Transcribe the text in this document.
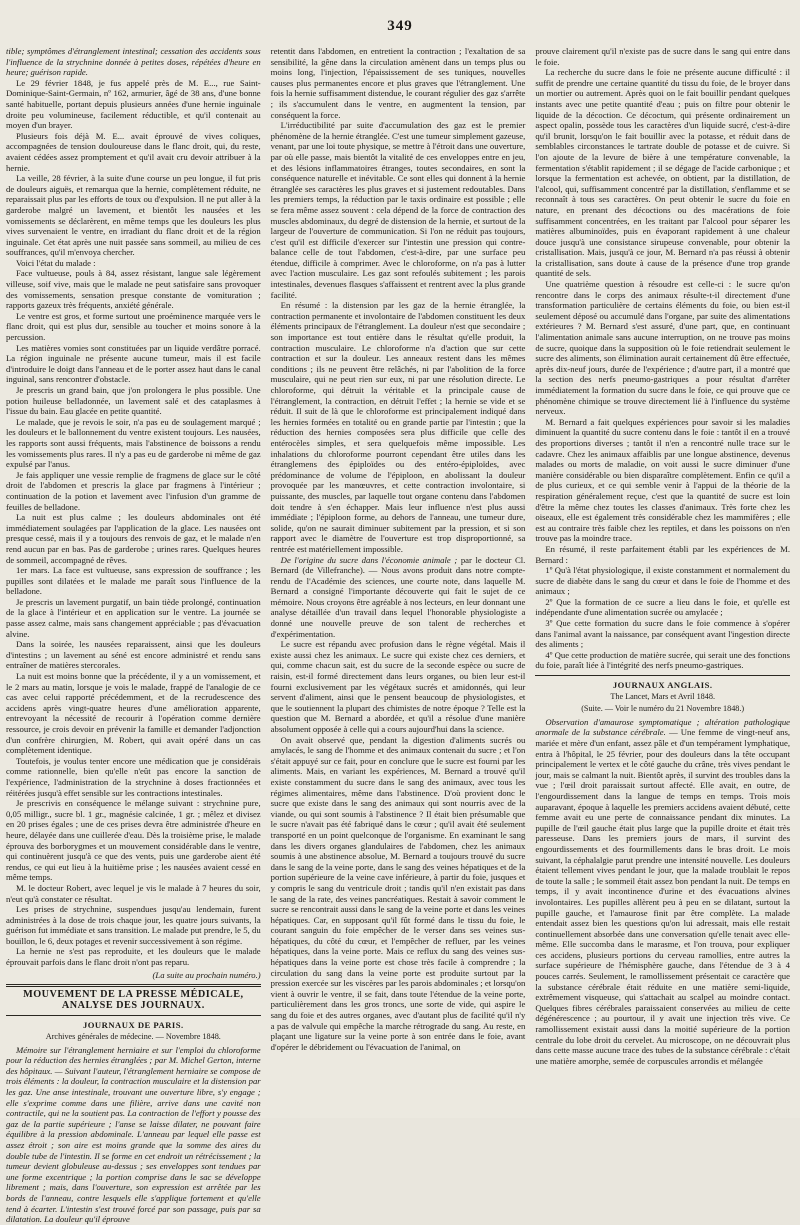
349

tible; symptômes d'étranglement intestinal; cessation des accidents sous l'influence de la strychnine donnée à petites doses, répétées d'heure en heure; guérison rapide.

Le 29 février 1848, je fus appelé près de M. E..., rue Saint-Dominique-Saint-Germain, nº 162, armurier, âgé de 38 ans, d'une bonne santé habituelle, portant depuis plusieurs années d'une hernie inguinale droite peu volumineuse, facilement réductible, et qu'il contenait au moyen d'un brayer.

Plusieurs fois déjà M. E... avait éprouvé de vives coliques, accompagnées de tension douloureuse dans le flanc droit, qui, du reste, avaient cédées assez promptement et qu'il avait cru devoir attribuer à la hernie.

La veille, 28 février, à la suite d'une course un peu longue, il fut pris de douleurs aiguës, et remarqua que la hernie, complètement réduite, ne reparaissait plus par les efforts de toux ou d'expulsion. Il ne put aller à la garderobe malgré un lavement, et bientôt les nausées et les vomissements se déclarèrent, en même temps que les douleurs les plus vives survenaient le ventre, en irradiant du flanc droit et de la région inguinale. Cet état après une nuit passée sans sommeil, au milieu de ces souffrances, qu'il m'envoya chercher.

Voici l'état du malade :

Face vultueuse, pouls à 84, assez résistant, langue sale légèrement villeuse, soif vive, mais que le malade ne peut satisfaire sans provoquer des vomissements, sensation presque constante de vomituration ; rapports gazeux très fréquents, anxiété générale.

Le ventre est gros, et forme surtout une proéminence marquée vers le flanc droit, qui est plus dur, sensible au toucher et moins sonore à la percussion.

Les matières vomies sont constituées par un liquide verdâtre porracé. La région inguinale ne présente aucune tumeur, mais il est facile d'introduire le doigt dans l'anneau et de le porter assez haut dans le canal inguinal, sans rencontrer d'obstacle.

Je prescris un grand bain, que j'on prolongera le plus possible. Une potion huileuse belladonnée, un lavement salé et des cataplasmes à l'issue du bain. Eau glacée en petite quantité.

Le malade, que je revois le soir, n'a pas eu de soulagement marqué ; les douleurs et le ballonnement du ventre existent toujours. Les nausées, les rapports sont aussi fréquents, mais l'abstinence de boissons a rendu les vomissements plus rares. Il n'y a pas eu de garderobe ni même de gaz expulsé par l'anus.

Je fais appliquer une vessie remplie de fragmens de glace sur le côté droit de l'abdomen et prescris la glace par fragmens à l'intérieur ; continuation de la potion et lavement avec l'infusion d'un gramme de feuilles de belladone.

La nuit est plus calme ; les douleurs abdominales ont été immédiatement soulagées par l'application de la glace. Les nausées ont presque cessé, mais il y a toujours des renvois de gaz, et le malade n'en rend aucun par en bas. Pas de garderobe ; urines rares. Quelques heures de sommeil, accompagné de rêves.

1er mars. La face est vultueuse, sans expression de souffrance ; les pupilles sont dilatées et le malade me paraît sous l'influence de la belladone.

Je prescris un lavement purgatif, un bain tiède prolongé, continuation de la glace à l'intérieur et en application sur le ventre. La journée se passe assez calme, mais sans changement appréciable ; pas d'évacuation alvine.

Dans la soirée, les nausées reparaissent, ainsi que les douleurs d'intestins ; un lavement au séné est encore administré et rendu sans entraîner de matières stercorales.

La nuit est moins bonne que la précédente, il y a un vomissement, et le 2 mars au matin, lorsque je vois le malade, frappé de l'analogie de ce cas avec celui rapporté précédemment, et de la recrudescence des accidens après vingt-quatre heures d'une amélioration apparente, entrevoyant la nécessité de recourir à l'opération comme dernière ressource, je crois devoir en prévenir la famille et demander l'adjonction d'un confrère chirurgien, M. Robert, qui avait opéré dans un cas complètement identique.

Toutefois, je voulus tenter encore une médication que je considérais comme rationnelle, bien qu'elle n'eût pas encore la sanction de l'expérience, l'administration de la strychnine à doses fractionnées et réitérées jusqu'à effet sensible sur les contractions intestinales.

Je prescrivis en conséquence le mélange suivant : strychnine pure, 0,05 milligr., sucre bl. 1 gr., magnésie calcinée, 1 gr. ; mêlez et divisez en 20 prises égales ; une de ces prises devra être administrée d'heure en heure, délayée dans une cuillerée d'eau. Dès la troisième prise, le malade éprouva des borborygmes et un mouvement considérable dans le ventre, qui continuèrent jusqu'à ce que des vents, puis une garderobe aient été rendus, ce qui eut lieu à la huitième prise ; les nausées avaient cessé en même temps.

M. le docteur Robert, avec lequel je vis le malade à 7 heures du soir, n'eut qu'à constater ce résultat.

Les prises de strychnine, suspendues jusqu'au lendemain, furent administrées à la dose de trois chaque jour, les quatre jours suivants, la guérison fut immédiate et sans transition. Le malade put prendre, le 5, du bouillon, le 6, deux potages et revenir successivement à son régime.

La hernie ne s'est pas reproduite, et les douleurs que le malade éprouvait parfois dans le flanc droit n'ont pas reparu.

(La suite au prochain numéro.)
MOUVEMENT DE LA PRESSE MÉDICALE, ANALYSE DES JOURNAUX.
JOURNAUX DE PARIS.
Archives générales de médecine. — Novembre 1848.

Mémoire sur l'étranglement herniaire et sur l'emploi du chloroforme pour la réduction des hernies étranglées ; par M. Michel Gerton, interne des hôpitaux. — Suivant l'auteur, l'étranglement herniaire se compose de trois éléments : la douleur, la contraction musculaire et la distension par les gaz. Une anse intestinale, trouvant une ouverture libre, s'y engage ; elle s'exprime comme dans une filière, arrive dans une cavité non contractile, qui ne la soutient pas. La contraction de l'effort y pousse des gaz de la partie supérieure ; l'anse se laisse dilater, ne pouvant faire équilibre à la pression abdominale. L'anneau par lequel elle passe est assez étroit ; son aire est moins grande que la somme des aires du double tube de l'intestin. Il se forme en cet endroit un rétrécissement ; la tumeur devient globuleuse au-dessus ; ses enveloppes sont tendues par une forme excentrique ; la portion comprise dans le sac se développe librement ; mais, dans l'ouverture, son expression est arrêtée par les bords de l'anneau, contre lesquels elle s'applique fortement et qu'elle tend à écarter. L'intestin s'est trouvé forcé par son passage, puis par sa dilatation. La douleur qu'il éprouve

retentit dans l'abdomen, en entretient la contraction ; l'exaltation de sa sensibilité, la gêne dans la circulation amènent dans un temps plus ou moins long, l'injection, l'épaississement de ses tuniques, nouvelles causes plus permanentes encore et plus graves que l'étranglement. Une fois la hernie suffisamment distendue, le courant régulier des gaz s'arrête ; ils s'accumulent dans le ventre, en augmentent la tension, par conséquent la force.

L'irréductibilité par suite d'accumulation des gaz est le premier phénomène de la hernie étranglée. C'est une tumeur simplement gazeuse, venant, par une loi toute physique, se mettre à l'étroit dans une ouverture, par où elle passe, mais bientôt la vitalité de ces enveloppes entre en jeu, et des lésions inflammatoires étranges, toutes secondaires, en sont la conséquence naturelle et inévitable. Ce sont elles qui donnent à la hernie étranglée ses caractères les plus graves et si justement redoutables. Dans les premiers temps, la réduction par le taxis ordinaire est possible ; elle se fera même assez souvent : cela dépend de la force de contraction des muscles abdominaux, du degré de distension de la hernie, et surtout de la largeur de l'ouverture de communication. Si l'on ne réduit pas toujours, c'est qu'il est difficile d'exercer sur l'intestin une pression qui contre-balance celle de tout l'abdomen, c'est-à-dire, par une surface peu étendue, difficile à comprimer. Avec le chloroforme, on n'a pas à lutter avec l'action musculaire. Les gaz sont refoulés subitement ; les parois intestinales, devenues flasques s'affaissent et rentrent avec la plus grande facilité.

En résumé : la distension par les gaz de la hernie étranglée, la contraction permanente et involontaire de l'abdomen constituent les deux éléments principaux de l'étranglement. La douleur n'est que secondaire ; son importance est tout entière dans le résultat qu'elle produit, la contraction musculaire. Le chloroforme n'a d'action que sur cette contraction et sur la douleur. Les anneaux restent dans les mêmes conditions ; ils ne peuvent être relâchés, ni par l'abolition de la force musculaire, qui ne peut rien sur eux, ni par une résolution directe. Le chloroforme, qui détruit la véritable et la principale cause de l'étranglement, la contraction, en détruit l'effet ; la hernie se vide et se réduit. Il suit de là que le chloroforme est principalement indiqué dans les hernies formées en totalité ou en grande partie par l'intestin ; que la réduction des hernies composées sera plus difficile que celle des entérocèles simples, et sera quelquefois même impossible. Les inhalations du chloroforme pourront cependant être utiles dans les étranglemens des épiploïdes ou des entéro-épiploïdes, avec prédominance de volume de l'épiploon, en abolissant la douleur provoquée par les manœuvres, et cette contraction involontaire, si puissante, des muscles, par laquelle tout organe contenu dans l'abdomen doit tendre à s'en échapper. Mais leur influence n'est plus aussi immédiate ; l'épiploon forme, au dehors de l'anneau, une tumeur dure, solide, qu'on ne saurait diminuer subitement par la pression, et si son rapport avec le diamètre de l'ouverture est trop disproportionné, sa rentrée est matériellement impossible.

De l'origine du sucre dans l'économie animale ; par le docteur Cl. Bernard (de Villefranche). — Nous avons produit dans notre compte-rendu de l'Académie des sciences, une courte note, dans laquelle M. Bernard a consigné l'importante découverte qui fait le sujet de ce mémoire. Nous croyons être agréable à nos lecteurs, en leur donnant une analyse détaillée d'un travail dans lequel l'honorable physiologiste a donné une nouvelle preuve de son talent de recherches et d'expérimentation.

Le sucre est répandu avec profusion dans le règne végétal. Mais il existe aussi chez les animaux. Le sucre qui existe chez ces derniers, et qui, comme chacun sait, est du sucre de la seconde espèce ou sucre de raisin, est-il formé directement dans leurs organes, ou bien leur est-il fourni exclusivement par les végétaux sucrés et amidonnés, qui leur servent d'aliment, ainsi que le pensent beaucoup de physiologistes, et que le soutiennent la plupart des chimistes de notre époque ? Telle est la question que M. Bernard a abordée, et qu'il a résolue d'une manière absolument opposée à celle qui a cours aujourd'hui dans la science.

On avait observé que, pendant la digestion d'aliments sucrés ou amylacés, le sang de l'homme et des animaux contenait du sucre ; et l'on s'était appuyé sur ce fait, pour en conclure que le sucre est fourni par les aliments. Mais, en variant les expériences, M. Bernard a trouvé qu'il existe constamment du sucre dans le sang des animaux, avec tous les régimes alimentaires, même dans l'abstinence. D'où provient donc le sucre que existe dans le sang des animaux qui sont nourris avec de la viande, ou qui sont soumis à l'abstinence ? Il était bien présumable que le sucre n'avait pas été fabriqué dans le cœur ; qu'il avait été seulement transporté en un point quelconque de l'organisme. En examinant le sang dans les divers organes glandulaires de l'abdomen, chez les animaux soumis à une abstinence absolue, M. Bernard a toujours trouvé du sucre dans le sang de la veine porte, dans le sang des veines hépatiques et de la portion supérieure de la veine cave inférieure, à partir du foie, jusques et y compris le sang du ventricule droit ; tandis qu'il n'en existait pas dans le sang de la rate, des veines pancréatiques. Restait à savoir comment le sucre se rencontrait aussi dans le sang de la veine porte et dans les veines hépatiques. Car, en supposant qu'il fût formé dans le tissu du foie, le courant sanguin du foie empêcher de le verser dans ses veines sus-hépatiques, du côté du cœur, et l'empêcher de refluer, par les veines hépatiques, dans la veine porte. Mais ce reflux du sang des veines sus-hépatiques dans la veine porte est chose très facile à comprendre ; la circulation du sang dans la veine porte est produite surtout par la pression exercée sur les viscères par les parois abdominales ; et lorsqu'on vient à ouvrir le ventre, il se fait, dans toute l'étendue de la veine porte, particulièrement dans les gros troncs, une sorte de vide, qui aspire le sang du foie et des autres organes, avec d'autant plus de facilité qu'il n'y a pas de valvule qui empêche la marche rétrograde du sang. Au reste, en plaçant une ligature sur la veine porte à son entrée dans le foie, avant d'opérer le débridement ou l'évacuation de l'animal, on

prouve clairement qu'il n'existe pas de sucre dans le sang qui entre dans le foie.

La recherche du sucre dans le foie ne présente aucune difficulté : il suffit de prendre une certaine quantité du tissu du foie, de le broyer dans un mortier ou autrement. Après quoi on le fait bouillir pendant quelques instants avec une petite quantité d'eau ; puis on filtre pour obtenir le liquide de la décoction. Ce décoctum, qui présente ordinairement un aspect opalin, possède tous les caractères d'un liquide sucré, c'est-à-dire qu'il brunit, lorsqu'on le fait bouillir avec la potasse, et réduit dans de semblables circonstances le tartrate double de potasse et de cuivre. Si l'on ajoute de la levure de bière à une température convenable, la fermentation s'établit rapidement ; il se dégage de l'acide carbonique ; et lorsque la fermentation est achevée, on obtient, par la distillation, de l'alcool, qui, suffisamment concentré par la distillation, s'enflamme et se reconnaît à tous ses caractères. On peut obtenir le sucre du foie en nature, en prenant des décoctions ou des macérations de foie suffisamment concentrées, en les traitant par l'alcool pour séparer les matières albuminoïdes, puis en évaporant rapidement à une chaleur douce jusqu'à une consistance sirupeuse convenable, pour obtenir la cristallisation. Mais, jusqu'à ce jour, M. Bernard n'a pas réussi à obtenir la cristallisation, sans doute à cause de la présence d'une trop grande quantité de sels.

Une quatrième question à résoudre est celle-ci : le sucre qu'on rencontre dans le corps des animaux résulte-t-il directement d'une transformation particulière de certains éléments du foie, ou bien est-il seulement déposé ou accumulé dans l'organe, par suite des alimentations extérieures ? M. Bernard s'est assuré, d'une part, que, en continuant l'alimentation animale sans aucune interruption, on ne trouve pas moins de sucre, quoique dans la supposition où le foie retiendrait seulement le sucre des aliments, son élimination aurait certainement dû être effectuée, après dix-neuf jours, durée de l'expérience ; d'autre part, il a montré que la section des nerfs pneumo-gastriques a pour résultat d'arrêter immédiatement la formation du sucre dans le foie, ce qui prouve que ce phénomène chimique se trouve directement lié à l'influence du système nerveux.

M. Bernard a fait quelques expériences pour savoir si les maladies diminuent la quantité du sucre contenu dans le foie : tantôt il en a trouvé des proportions diverses ; tantôt il n'en a rencontré nulle trace sur le cadavre. Chez les animaux affaiblis par une longue abstinence, devenus malades ou morts de maladie, on voit aussi le sucre diminuer d'une manière considérable ou bien disparaître complètement. Enfin ce qu'il a de plus curieux, et ce qui semble venir à l'appui de la théorie de la respiration généralement reçue, c'est que la quantité de sucre est loin d'être la même chez toutes les classes d'animaux. Très forte chez les oiseaux, elle est également très considérable chez les mammifères ; elle est au contraire très faible chez les reptiles, et dans les poissons on n'en trouve pas la moindre trace.

En résumé, il reste parfaitement établi par les expériences de M. Bernard :

1º Qu'à l'état physiologique, il existe constamment et normalement du sucre de diabète dans le sang du cœur et dans le foie de l'homme et des animaux ;

2º Que la formation de ce sucre a lieu dans le foie, et qu'elle est indépendante d'une alimentation sucrée ou amylacée ;

3º Que cette formation du sucre dans le foie commence à s'opérer dans l'animal avant la naissance, par conséquent avant l'ingestion directe des aliments ;

4º Que cette production de matière sucrée, qui serait une des fonctions du foie, paraît liée à l'intégrité des nerfs pneumo-gastriques.

JOURNAUX ANGLAIS.
The Lancet, Mars et Avril 1848.
(Suite. — Voir le numéro du 21 Novembre 1848.)

Observation d'amaurose symptomatique ; altération pathologique anormale de la substance cérébrale. — Une femme de vingt-neuf ans, mariée et mère d'un enfant, assez pâle et d'un tempérament lymphatique, entra à l'hôpital, le 25 février, pour des douleurs dans la tête occupant principalement le vertex et le côté gauche du crâne, très vives pendant le jour, mais se calmant la nuit. Bientôt après, il survint des troubles dans la vue ; l'œil droit paraissait surtout affecté. Elle avait, en outre, de l'engourdissement dans la langue de temps en temps. Trois mois auparavant, époque à laquelle les premiers accidens avaient débuté, cette femme avait eu une perte de connaissance pendant dix minutes. La pupille de l'œil gauche était plus large que la pupille droite et était très paresseuse. Dans les premiers jours de mars, il survint des engourdissements et des fourmillements dans le bras droit. Le mois suivant, la céphalalgie parut prendre une intensité nouvelle. Les douleurs étaient tellement vives pendant le jour, que la malade troublait le repos de toute la salle ; le sommeil était assez bon pendant la nuit. De temps en temps, il y avait incontinence d'urine et des évacuations alvines involontaires. Les pupilles allèrent peu à peu en se dilatant, surtout la pupille gauche, et l'amaurose finit par être complète. La malade entendait assez bien les questions qu'on lui adressait, mais elle restait continuellement absorbée dans une conversation qu'elle tenait avec elle-même. Elle succomba dans le marasme, et l'on trouva, pour expliquer ces accidens, plusieurs portions du cerveau ramollies, entre autres la surface supérieure de l'hémisphère gauche, dans l'étendue de 3 à 4 pouces carrés. Seulement, le ramollissement présentait ce caractère que la substance cérébrale était réduite en une matière semi-liquide, extrêmement visqueuse, qui s'attachait au scalpel au moindre contact. Quelques fibres cérébrales paraissaient conservées au milieu de cette dégénérescence ; au pourtour, il y avait une injection très vive. Ce ramollissement existait aussi dans la moitié supérieure de la portion centrale du lobe droit du cervelet. Au microscope, on ne découvrait plus dans cette masse aucune trace des tubes de la substance cérébrale : c'était une matière amorphe, semée de corpuscules arrondis et mélangée
